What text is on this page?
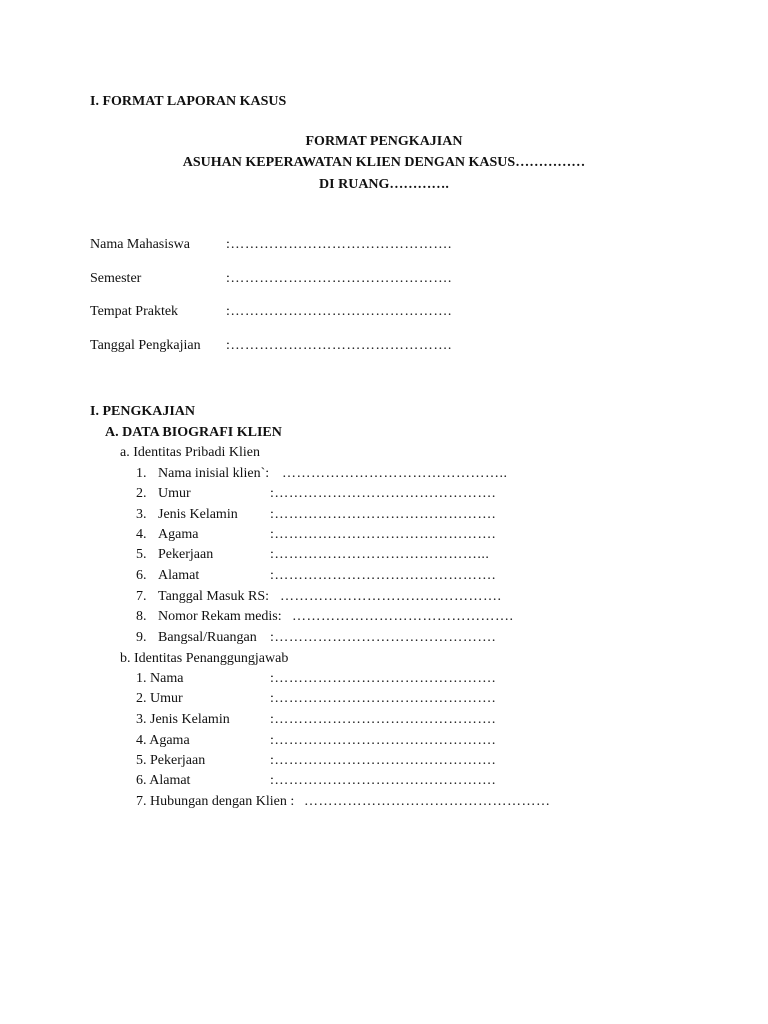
I. FORMAT LAPORAN KASUS
FORMAT PENGKAJIAN
ASUHAN KEPERAWATAN KLIEN DENGAN KASUS……………
DI RUANG………….
Nama Mahasiswa	:……………………………………….
Semester	:……………………………………….
Tempat Praktek	:……………………………………….
Tanggal Pengkajian :……………………………………….
I. PENGKAJIAN
A. DATA BIOGRAFI KLIEN
a. Identitas Pribadi Klien
1. Nama inisial klien`: ………………………………………..
2. Umur	:……………………………………….
3. Jenis Kelamin :……………………………………….
4. Agama	:……………………………………….
5. Pekerjaan	:……………………………………...
6. Alamat	:……………………………………….
7. Tanggal Masuk RS: ……………………………………….
8. Nomor Rekam medis: ……………………………………….
9. Bangsal/Ruangan :……………………………………….
b. Identitas Penanggungjawab
1. Nama	:……………………………………….
2. Umur	:……………………………………….
3. Jenis Kelamin	:……………………………………….
4. Agama	:……………………………………….
5. Pekerjaan	:……………………………………….
6. Alamat	:……………………………………….
7. Hubungan dengan Klien : ……………………………………………
